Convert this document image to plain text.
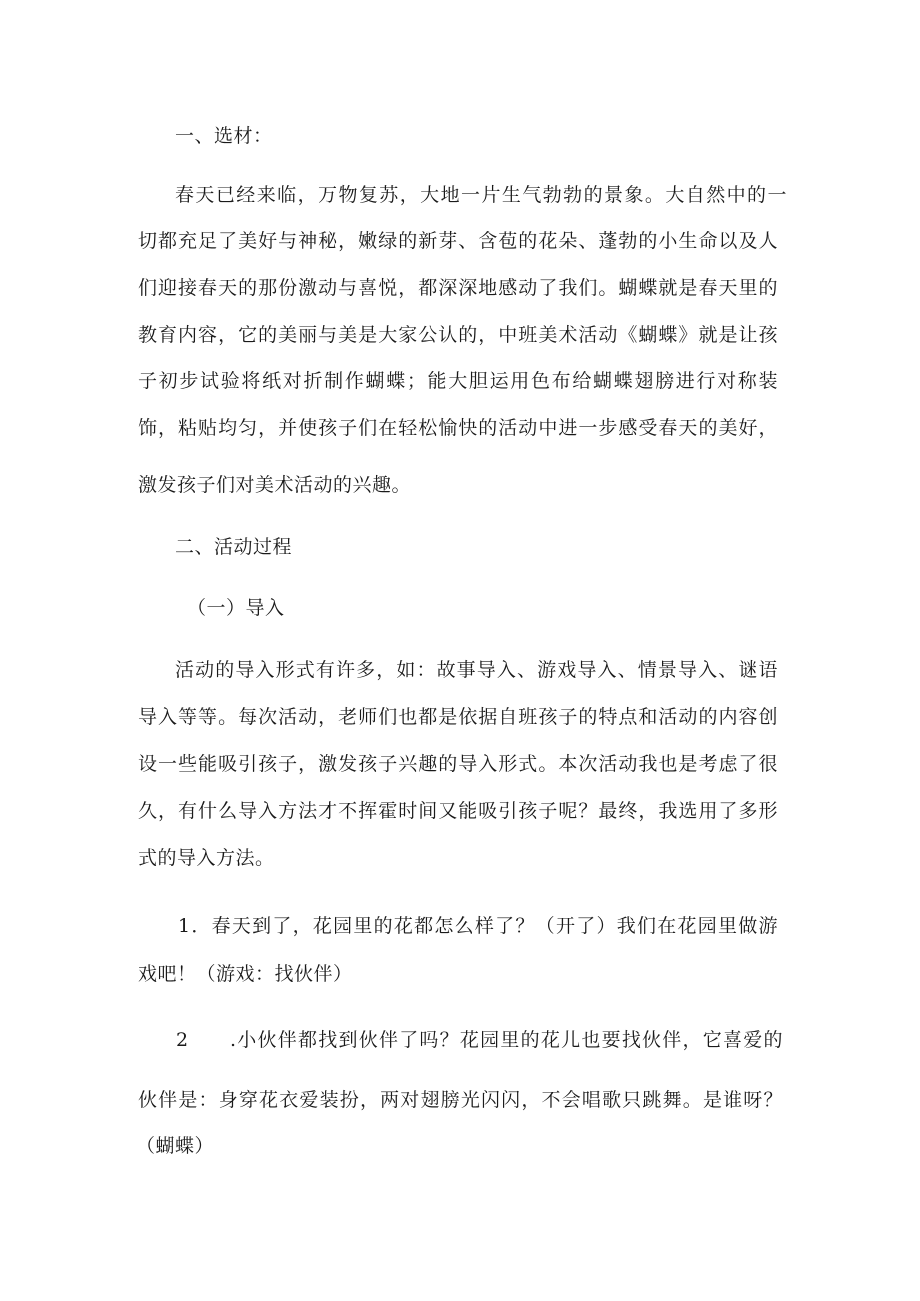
一、选材：
春天已经来临，万物复苏，大地一片生气勃勃的景象。大自然中的一
切都充足了美好与神秘，嫩绿的新芽、含苞的花朵、蓬勃的小生命以及人
们迎接春天的那份激动与喜悦，都深深地感动了我们。蝴蝶就是春天里的
教育内容，它的美丽与美是大家公认的，中班美术活动《蝴蝶》就是让孩
子初步试验将纸对折制作蝴蝶；能大胆运用色布给蝴蝶翅膀进行对称装
饰，粘贴均匀，并使孩子们在轻松愉快的活动中进一步感受春天的美好，
激发孩子们对美术活动的兴趣。
二、活动过程
（一）导入
活动的导入形式有许多，如：故事导入、游戏导入、情景导入、谜语
导入等等。每次活动，老师们也都是依据自班孩子的特点和活动的内容创
设一些能吸引孩子，激发孩子兴趣的导入形式。本次活动我也是考虑了很
久，有什么导入方法才不挥霍时间又能吸引孩子呢？最终，我选用了多形
式的导入方法。
1．春天到了，花园里的花都怎么样了？（开了）我们在花园里做游
戏吧！（游戏：找伙伴）
2 .小伙伴都找到伙伴了吗？花园里的花儿也要找伙伴，它喜爱的
伙伴是：身穿花衣爱装扮，两对翅膀光闪闪，不会唱歌只跳舞。是谁呀？
（蝴蝶）
